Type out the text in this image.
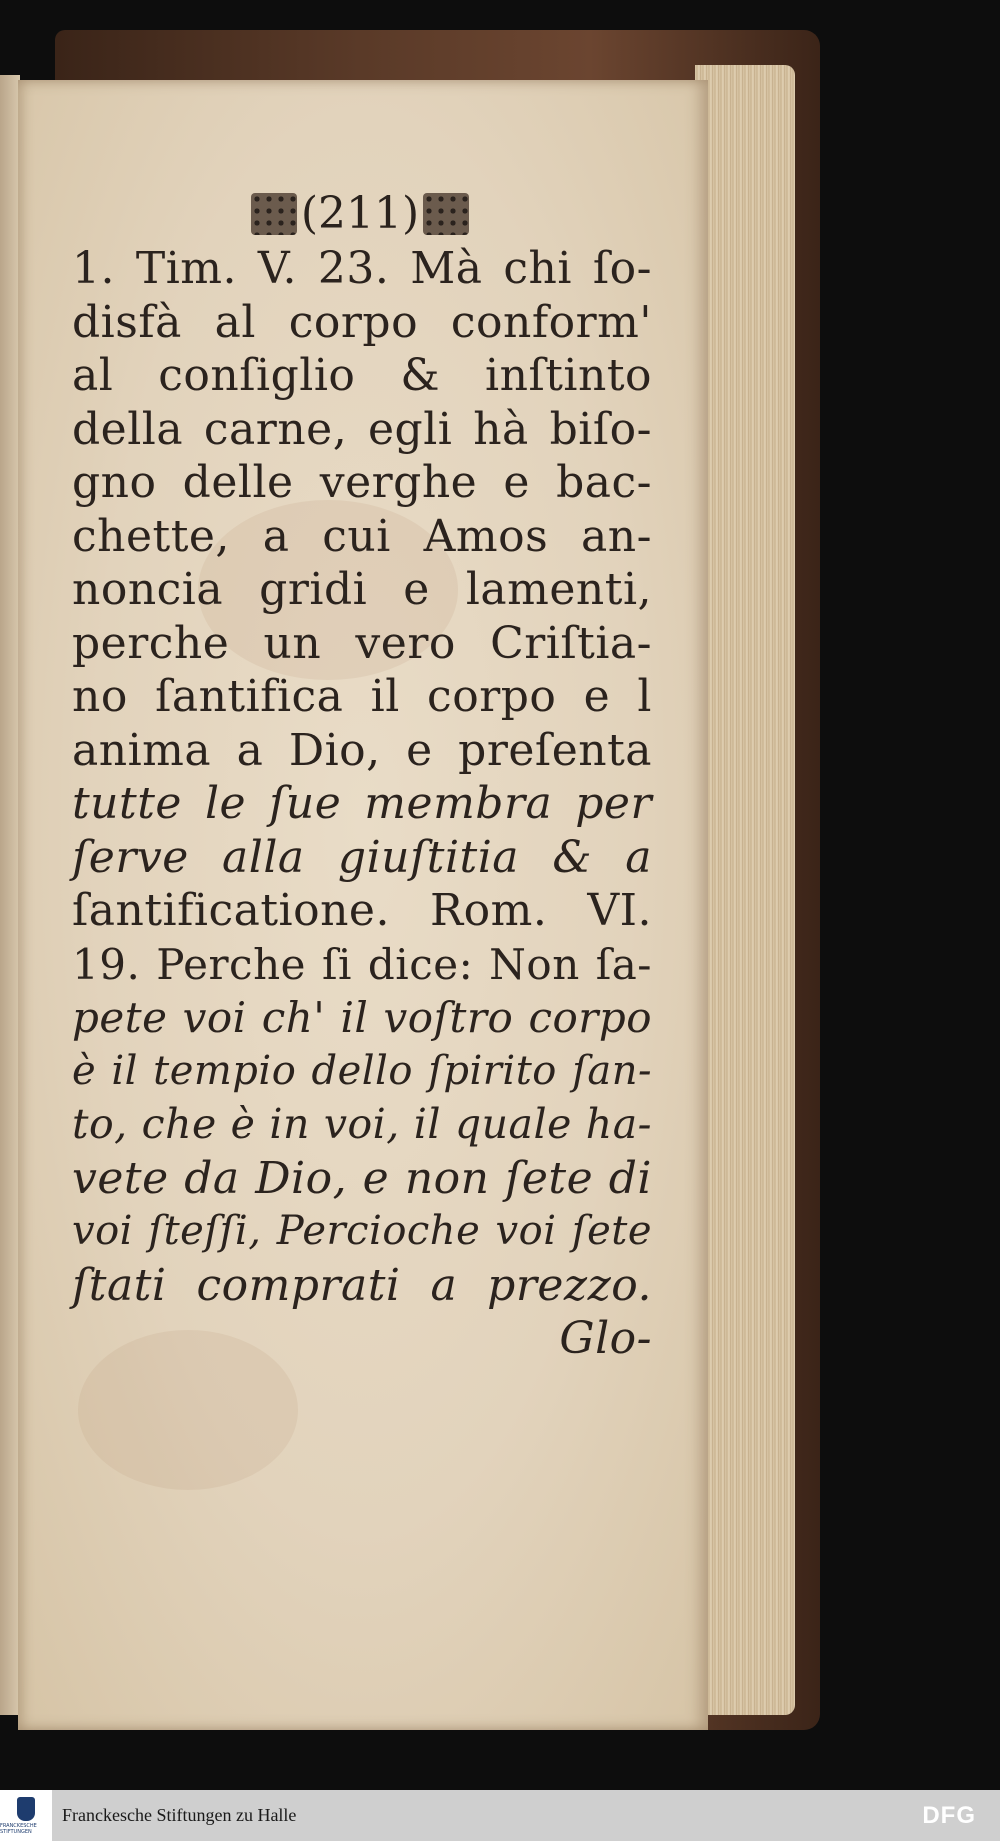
(211)
1. Tim. V. 23. Mà chi ſo-
disfà al corpo conform'
al conſiglio & inſtinto
della carne, egli hà biſo-
gno delle verghe e bac-
chette, a cui Amos an-
noncia gridi e lamenti,
perche un vero Criſtia-
no ſantifica il corpo e l
anima a Dio, e preſenta
tutte le ſue membra per
ſerve alla giuſtitia & a
ſantificatione. Rom. VI.
19. Perche ſi dice: Non ſa-
pete voi ch' il voſtro corpo
è il tempio dello ſpirito ſan-
to, che è in voi, il quale ha-
vete da Dio, e non ſete di
voi ſteſſi, Percioche voi ſete
ſtati comprati a prezzo.
Glo-
FRANCKESCHE STIFTUNGEN
Franckesche Stiftungen zu Halle	DFG
